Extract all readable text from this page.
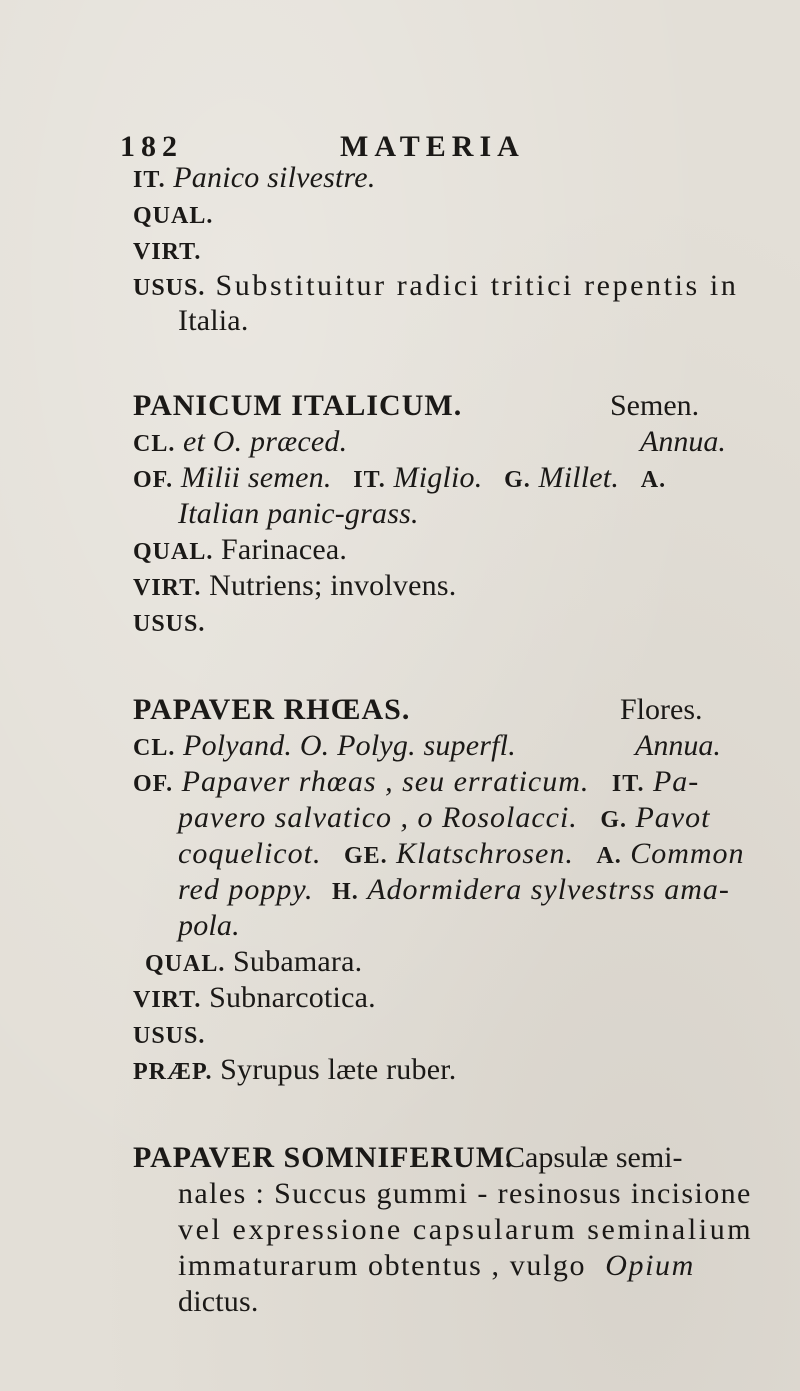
182	MATERIA
IT. Panico silvestre.
QUAL.
VIRT.
USUS. Substituitur radici tritici repentis in
Italia.
PANICUM ITALICUM.	Semen.
CL. et O. præced.	Annua.
OF. Milii semen. IT. Miglio. G. Millet. A.
Italian panic-grass.
QUAL. Farinacea.
VIRT. Nutriens; involvens.
USUS.
PAPAVER RHŒAS.	Flores.
CL. Polyand. O. Polyg. superfl.	Annua.
OF. Papaver rhœas , seu erraticum. IT. Pa-
pavero salvatico , o Rosolacci. G. Pavot
coquelicot. GE. Klatschrosen. A. Common
red poppy. H. Adormidera sylvestrss ama-
pola.
QUAL. Subamara.
VIRT. Subnarcotica.
USUS.
PRÆP. Syrupus læte ruber.
PAPAVER SOMNIFERUM.
Capsulæ semi-
nales : Succus gummi - resinosus incisione
vel expressione capsularum seminalium
immaturarum obtentus , vulgo Opium
dictus.
